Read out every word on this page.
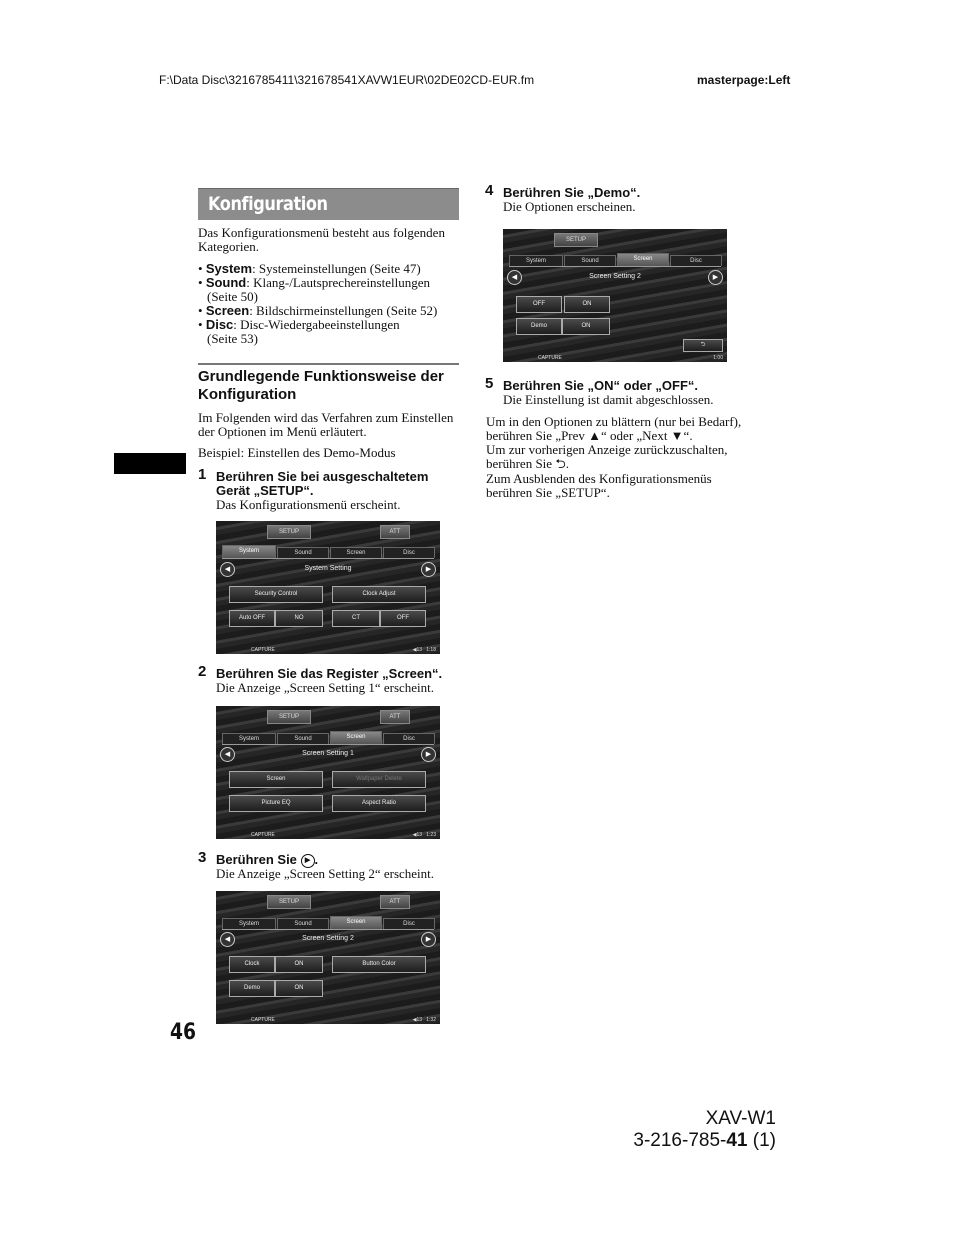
F:\Data Disc\3216785411\321678541XAVW1EUR\02DE02CD-EUR.fm	masterpage:Left
Konfiguration
Das Konfigurationsmenü besteht aus folgenden Kategorien.
• System: Systemeinstellungen (Seite 47)
• Sound: Klang-/Lautsprechereinstellungen
(Seite 50)
• Screen: Bildschirmeinstellungen (Seite 52)
• Disc: Disc-Wiedergabeeinstellungen
(Seite 53)
Grundlegende Funktionsweise der
Konfiguration
Im Folgenden wird das Verfahren zum Einstellen
der Optionen im Menü erläutert.
Beispiel: Einstellen des Demo-Modus
1 Berühren Sie bei ausgeschaltetem
Gerät „SETUP“.
Das Konfigurationsmenü erscheint.
SETUP	ATT
System	Sound	Screen	Disc
◀	▶
System Setting
Security Control	Clock Adjust
Auto OFF	NO	CT	OFF
CAPTURE	◀13 1:18
2 Berühren Sie das Register „Screen“.
Die Anzeige „Screen Setting 1“ erscheint.
SETUP	ATT
System	Sound	Screen	Disc
◀	▶
Screen Setting 1
Screen	Wallpaper Delete
Picture EQ	Aspect Ratio
CAPTURE	◀13 1:23
3 Berühren Sie ▶ .
Die Anzeige „Screen Setting 2“ erscheint.
SETUP	ATT
System	Sound	Screen	Disc
◀	▶
Screen Setting 2
Clock	ON	Button Color
Demo	ON
CAPTURE	◀13 1:32
4 Berühren Sie „Demo“.
Die Optionen erscheinen.
SETUP
System	Sound	Screen	Disc
◀	▶
Screen Setting 2
OFF	ON
Demo	ON
⮌
CAPTURE	1:00
5 Berühren Sie „ON“ oder „OFF“.
Die Einstellung ist damit abgeschlossen.
Um in den Optionen zu blättern (nur bei Bedarf),
berühren Sie „Prev ▲“ oder „Next ▼“.
Um zur vorherigen Anzeige zurückzuschalten,
berühren Sie ⮌.
Zum Ausblenden des Konfigurationsmenüs
berühren Sie „SETUP“.
46
XAV-W1
3-216-785-41 (1)
